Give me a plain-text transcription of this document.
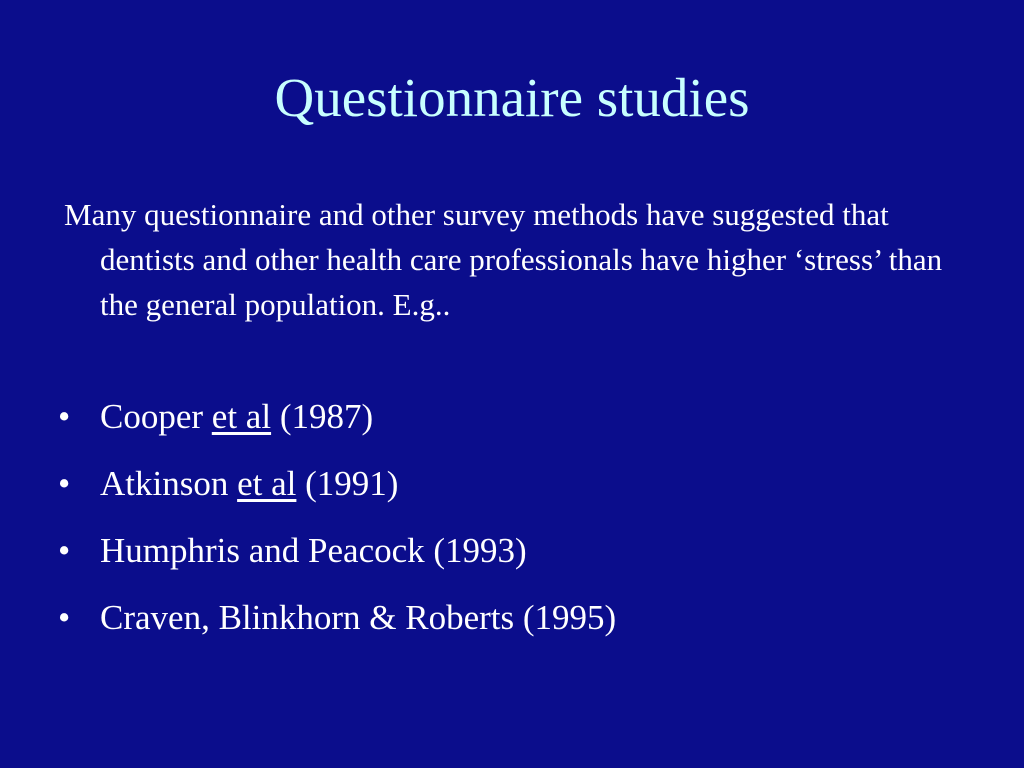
Questionnaire studies
Many questionnaire and other survey methods have suggested that dentists and other health care professionals have higher ‘stress’ than the general population. E.g..
• Cooper et al (1987)
• Atkinson et al (1991)
• Humphris and Peacock (1993)
• Craven, Blinkhorn & Roberts (1995)
